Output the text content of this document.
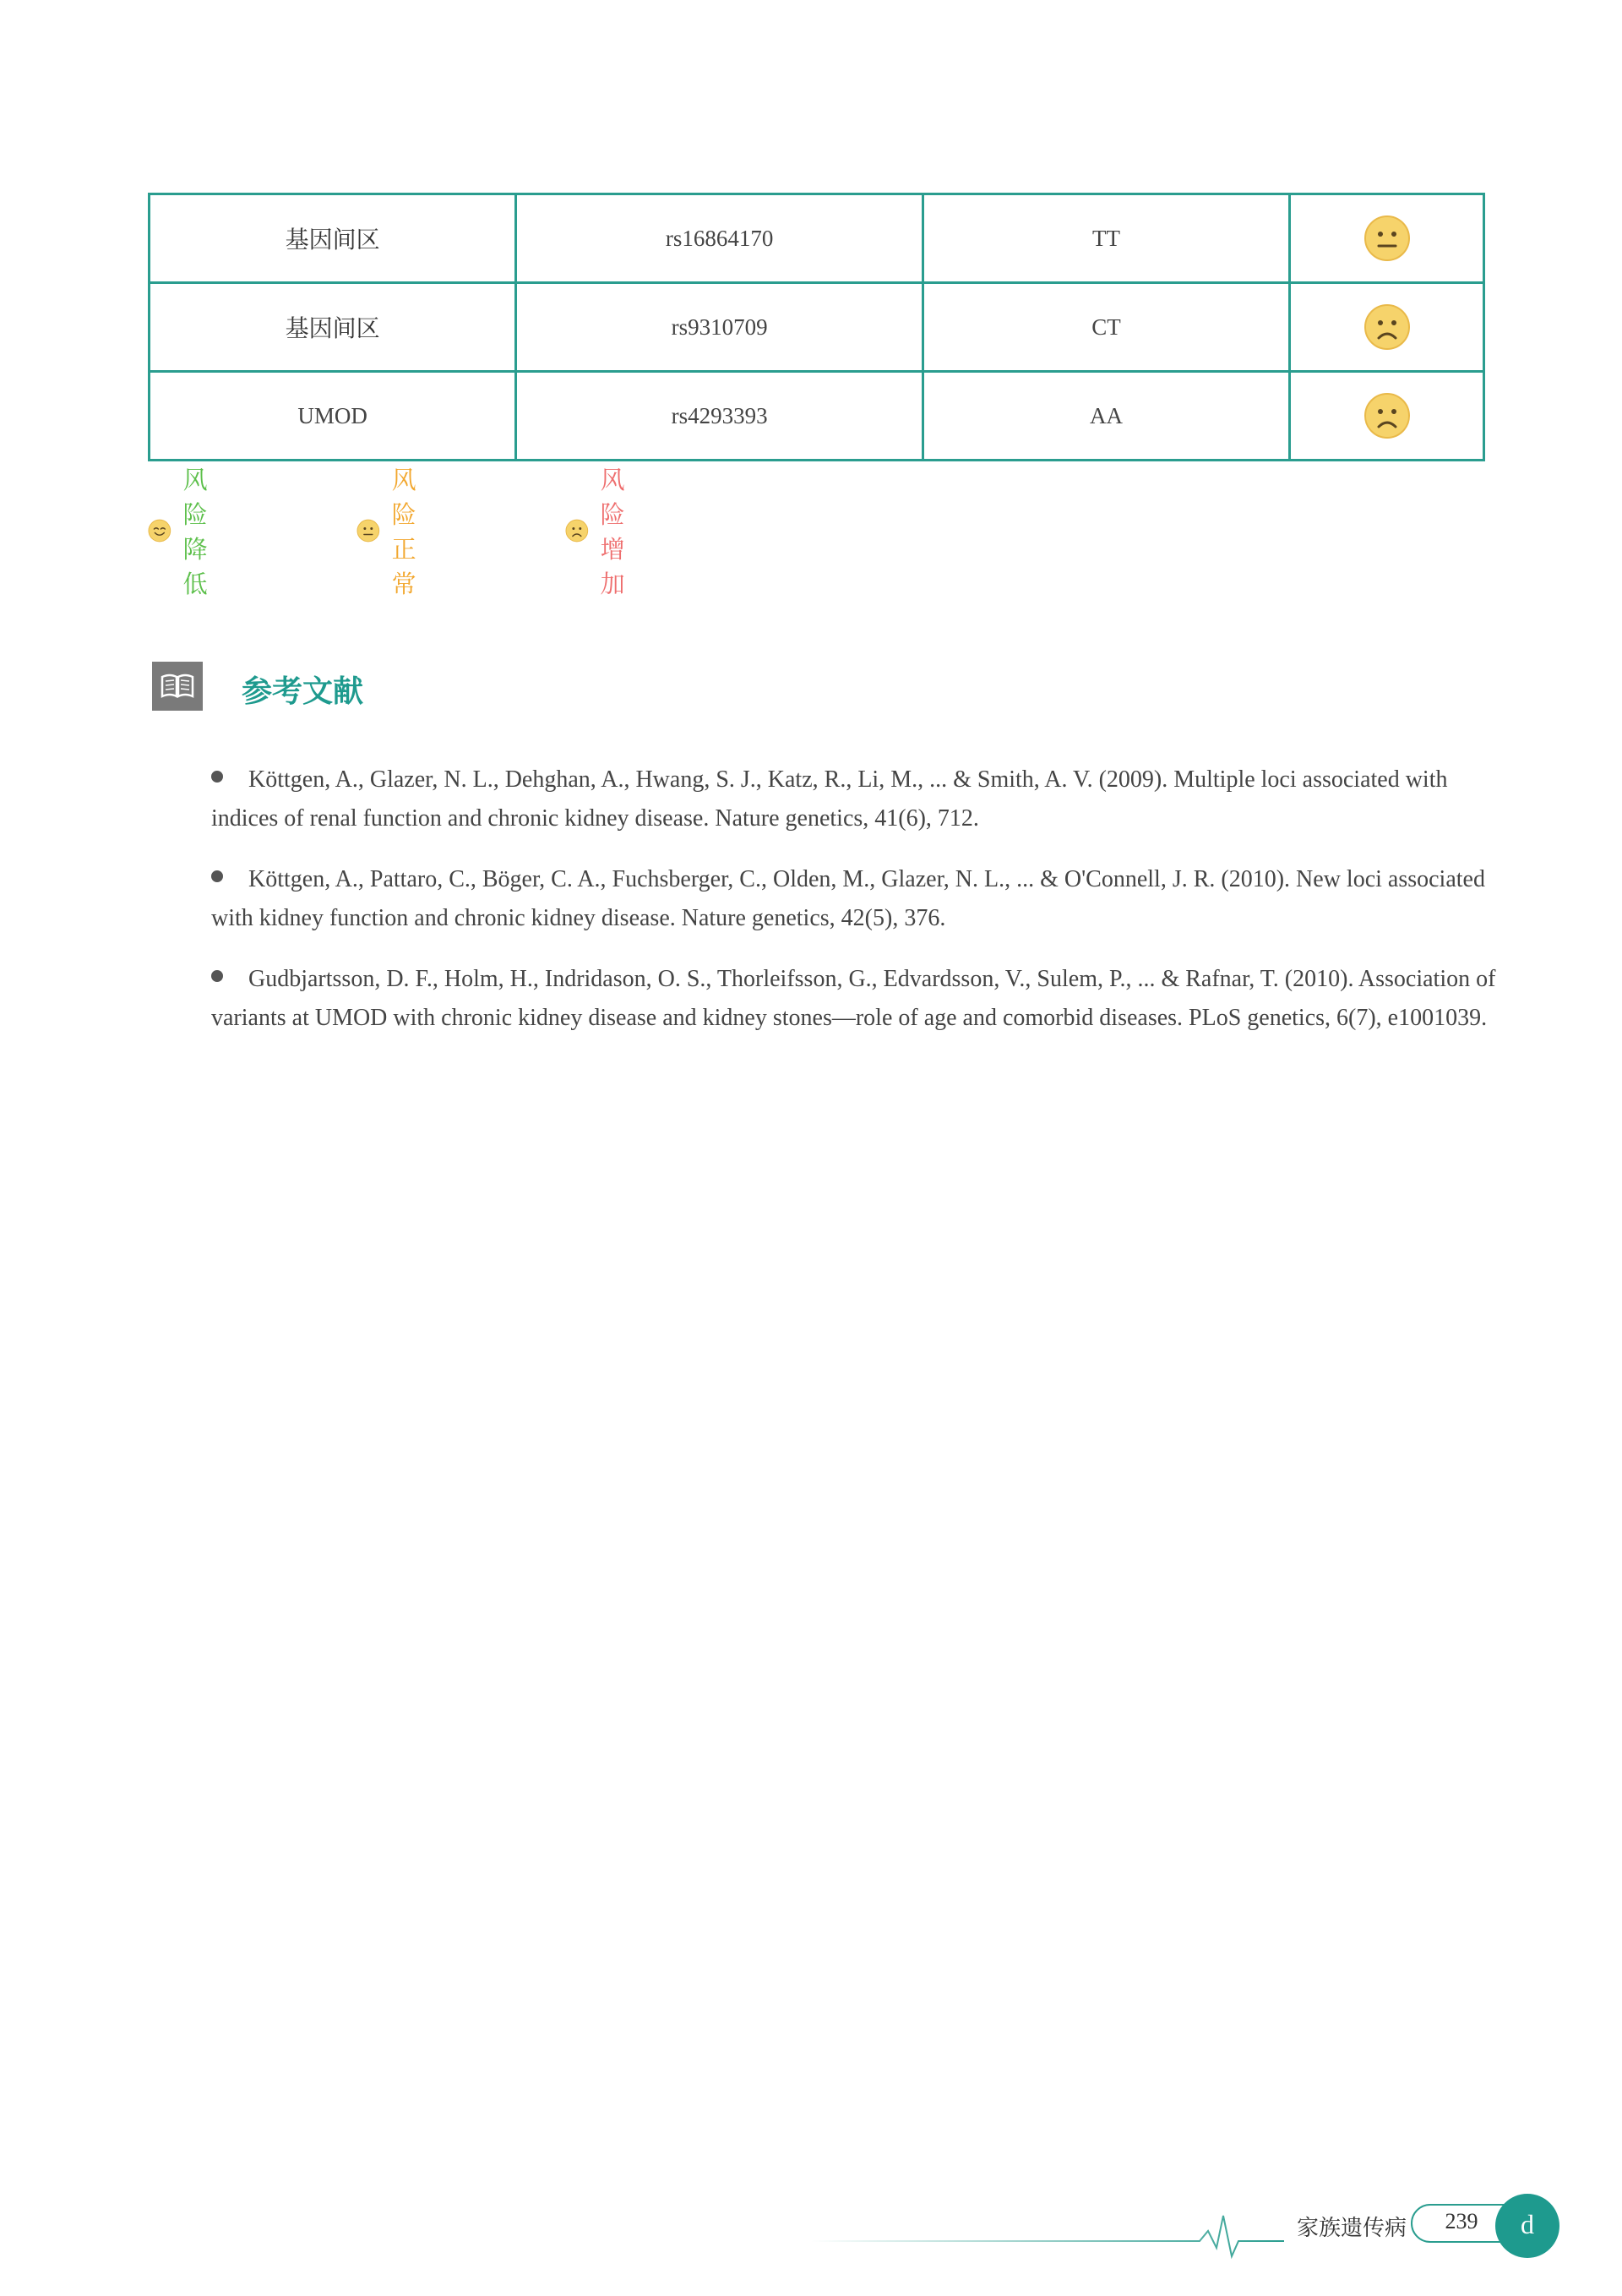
基因间区	rs16864170	TT	
基因间区	rs9310709	CT	
UMOD	rs4293393	AA	
风险降低
风险正常
风险增加
参考文献
Köttgen, A., Glazer, N. L., Dehghan, A., Hwang, S. J., Katz, R., Li, M., ... & Smith, A. V. (2009). Multiple loci associated with indices of renal function and chronic kidney disease. Nature genetics, 41(6), 712.
Köttgen, A., Pattaro, C., Böger, C. A., Fuchsberger, C., Olden, M., Glazer, N. L., ... & O'Connell, J. R. (2010). New loci associated with kidney function and chronic kidney disease. Nature genetics, 42(5), 376.
Gudbjartsson, D. F., Holm, H., Indridason, O. S., Thorleifsson, G., Edvardsson, V., Sulem, P., ... & Rafnar, T. (2010). Association of variants at UMOD with chronic kidney disease and kidney stones—role of age and comorbid diseases. PLoS genetics, 6(7), e1001039.
家族遗传病	239	d
